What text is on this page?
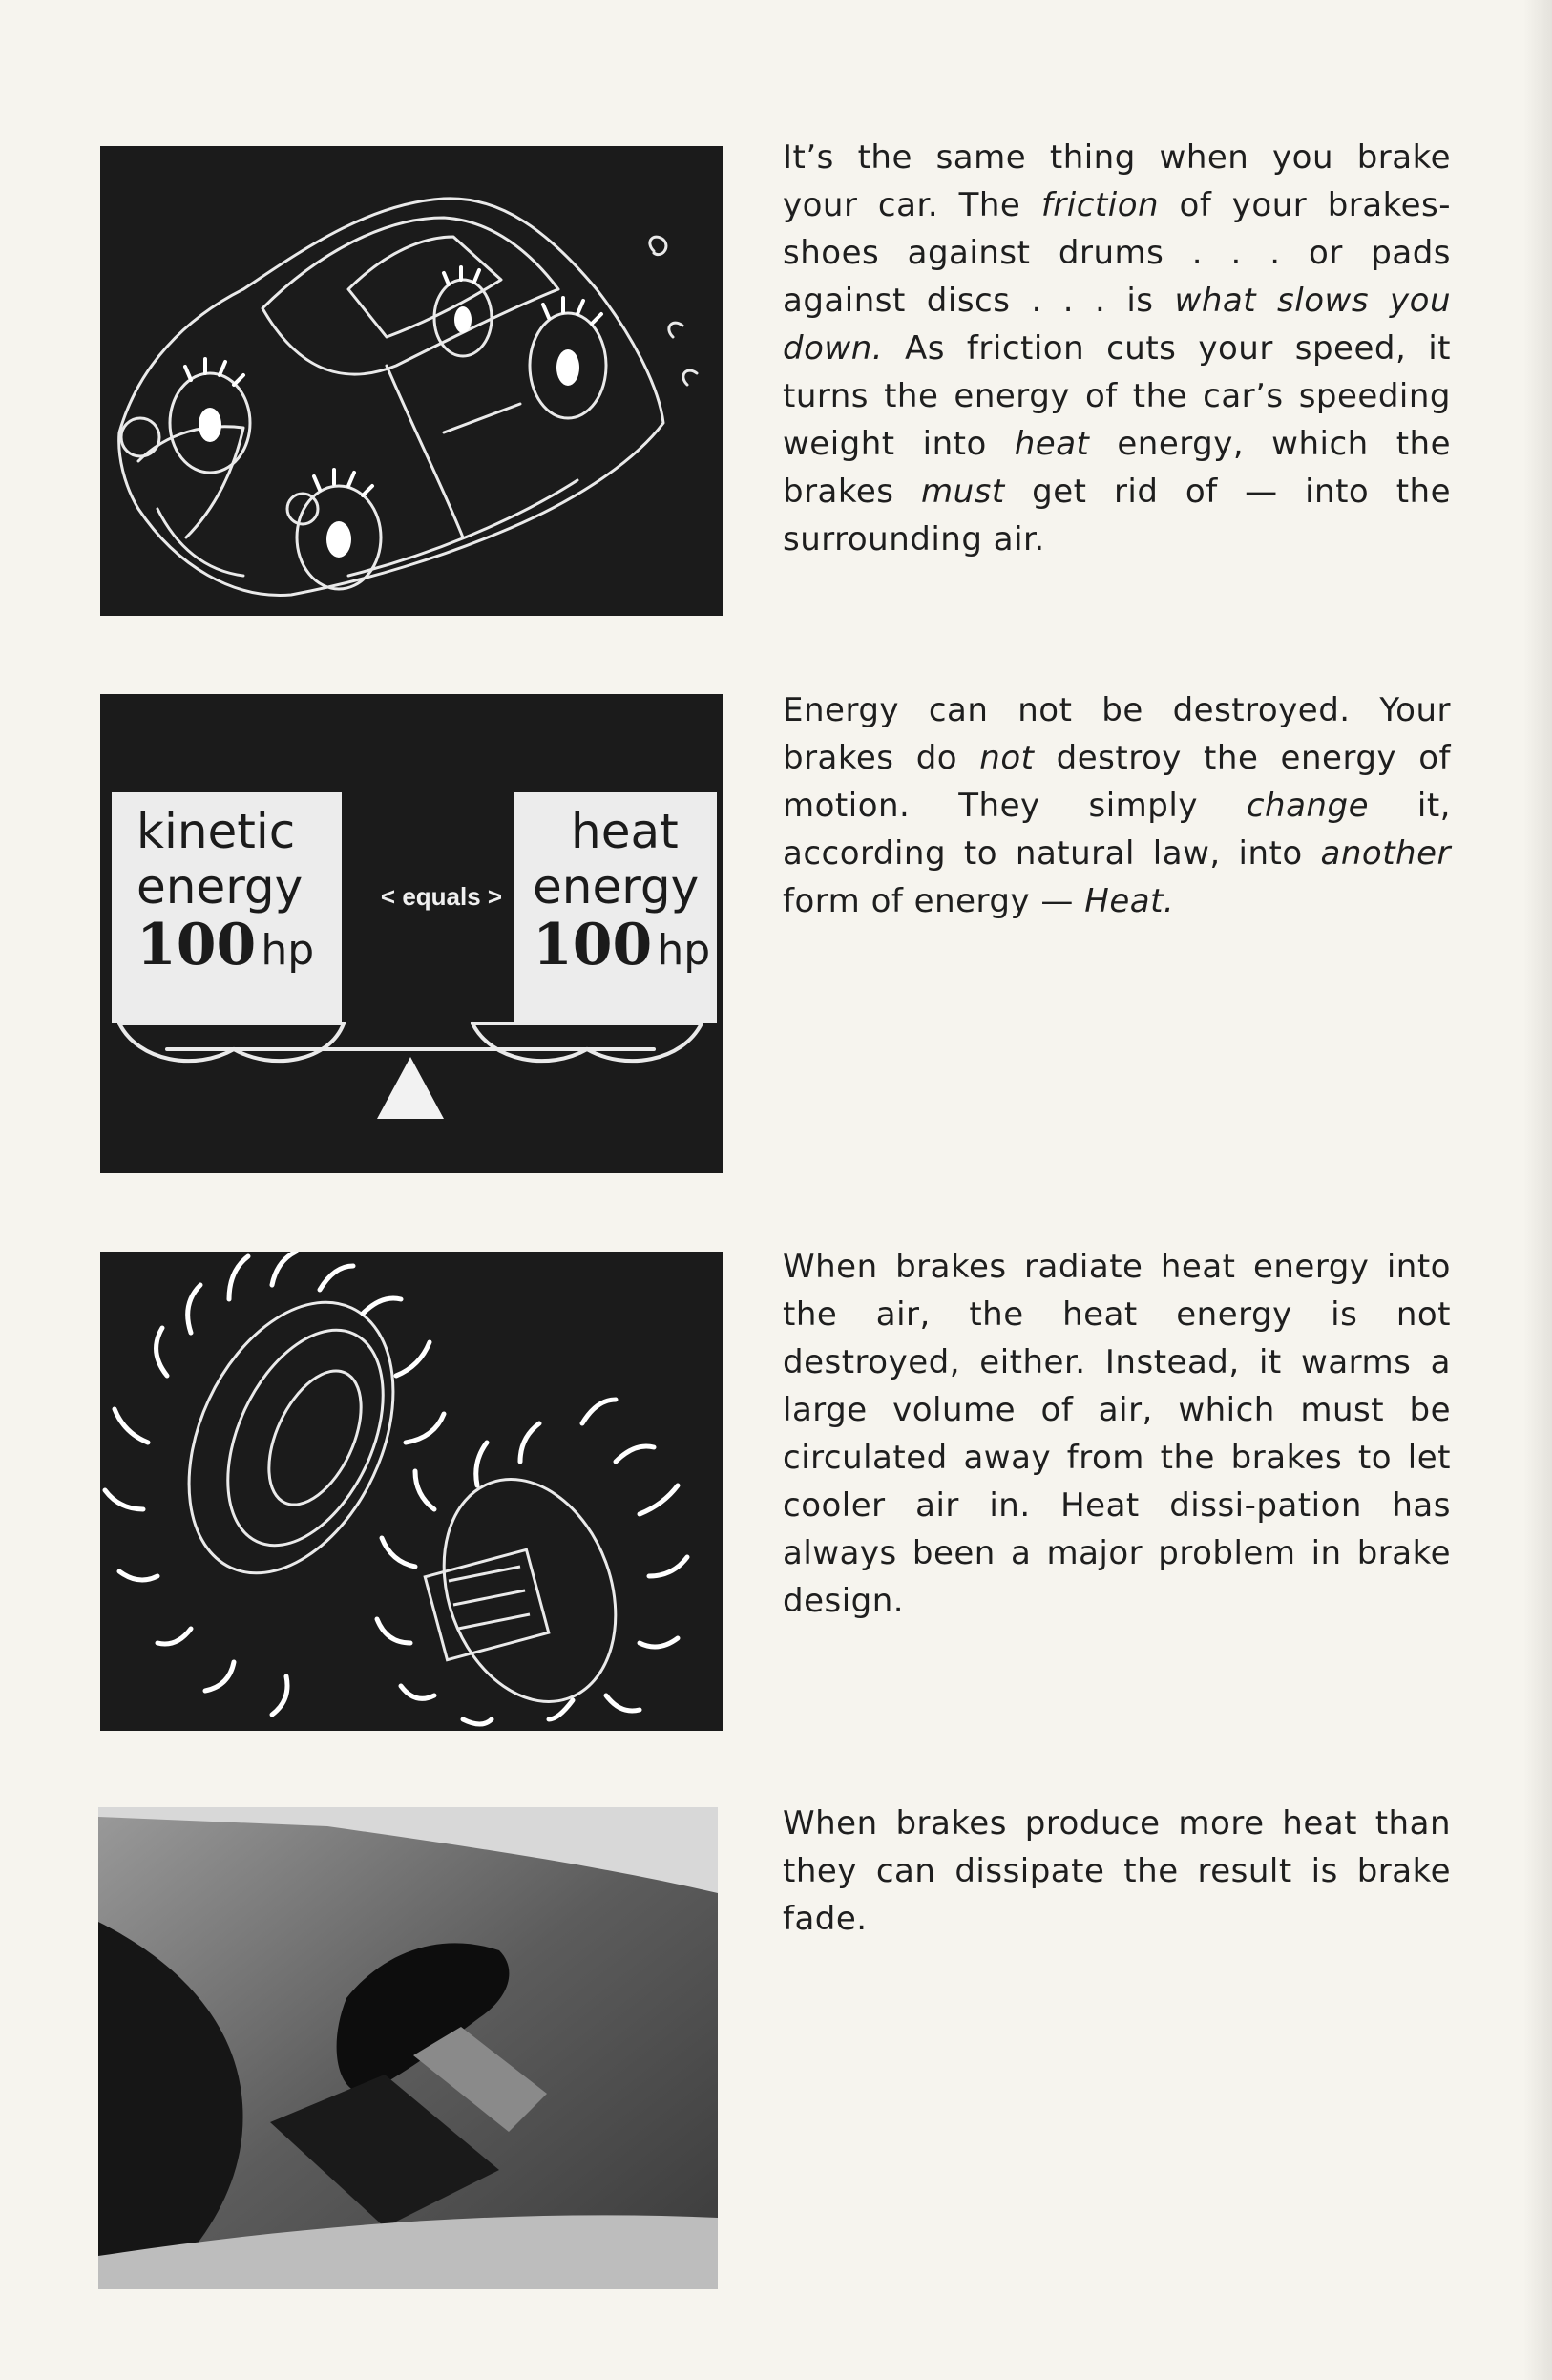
It’s the same thing when you brake your car. The friction of your brakes-shoes against drums . . . or pads against discs . . . is what slows you down. As friction cuts your speed, it turns the energy of the car’s speeding weight into heat energy, which the brakes must get rid of — into the surrounding air.
kinetic
energy
100 hp
< equals >
heat
energy
100 hp
Energy can not be destroyed. Your brakes do not destroy the energy of motion. They simply change it, according to natural law, into another form of energy — Heat.
When brakes radiate heat energy into the air, the heat energy is not destroyed, either. Instead, it warms a large volume of air, which must be circulated away from the brakes to let cooler air in. Heat dissi-pation has always been a major problem in brake design.
When brakes produce more heat than they can dissipate the result is brake fade.
